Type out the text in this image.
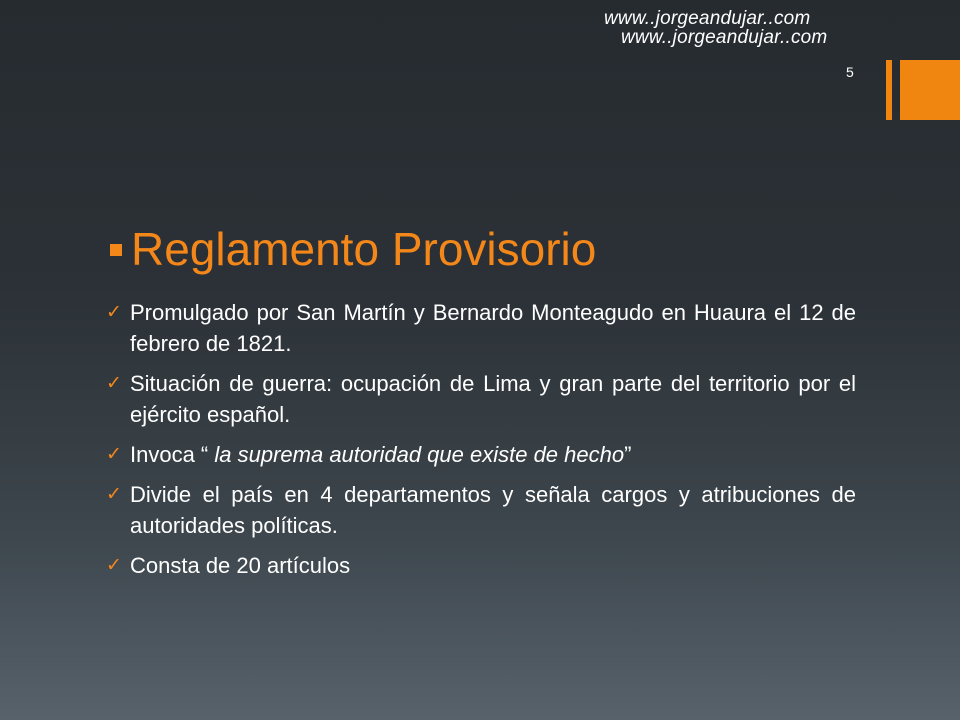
www..jorgeandujar..com
www..jorgeandujar..com
5
Reglamento Provisorio
✓ Promulgado por San Martín y Bernardo Monteagudo en Huaura el 12 de febrero de 1821.
✓ Situación de guerra: ocupación de Lima y gran parte del territorio por el ejército español.
✓ Invoca “ la suprema autoridad que existe de hecho”
✓ Divide el país en 4 departamentos y señala cargos y atribuciones de autoridades políticas.
✓ Consta de 20 artículos
